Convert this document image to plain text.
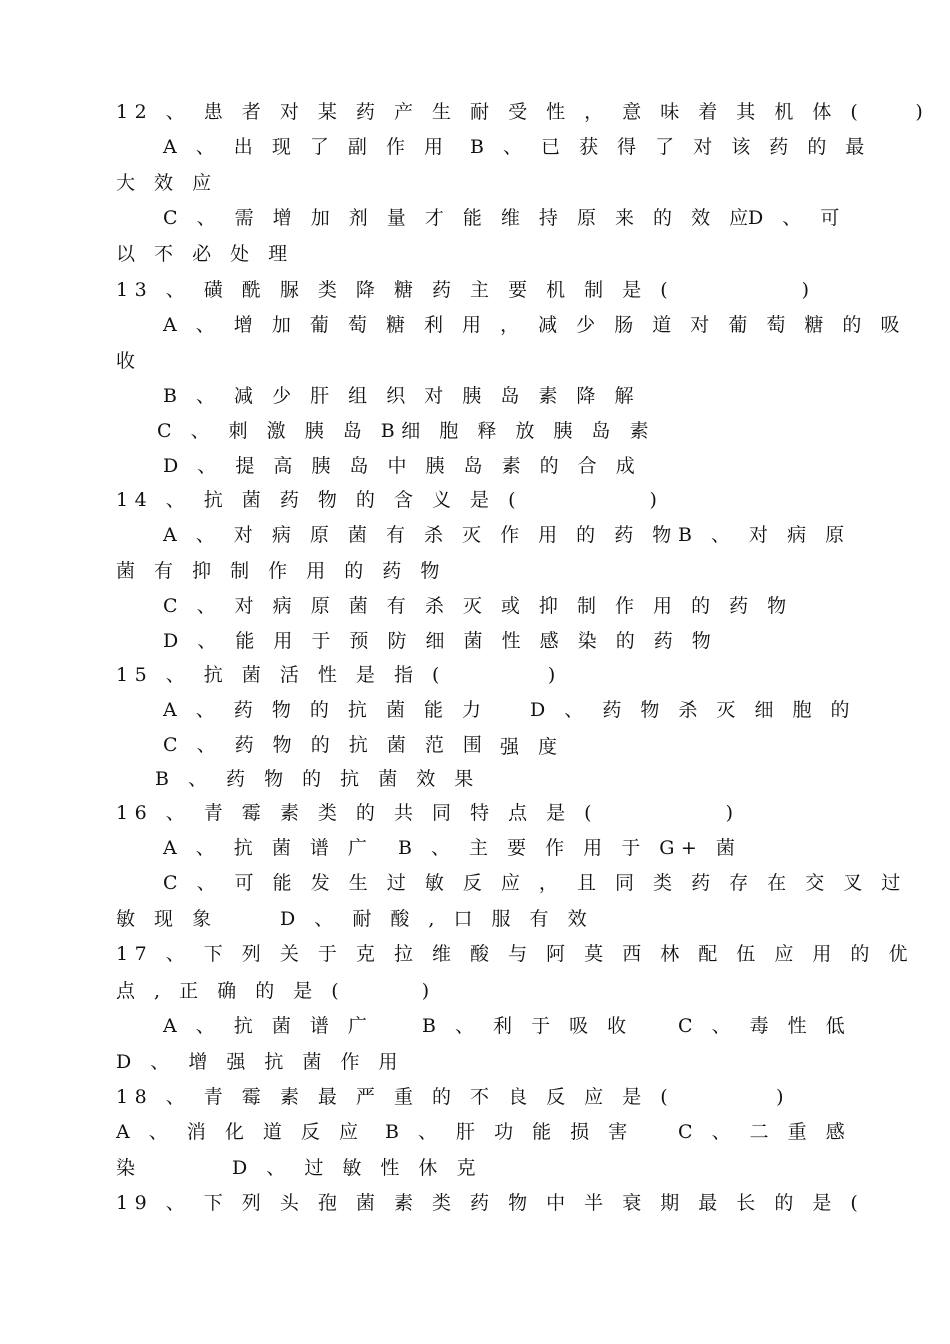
12 、 患 者 对 某 药 产 生 耐 受 性 ， 意 味 着 其 机 体 (　　)
A 、 出 现 了 副 作 用 B 、 已 获 得 了 对 该 药 的 最
大 效 应
C 、 需 增 加 剂 量 才 能 维 持 原 来 的 效 应
D 、 可
以 不 必 处 理
13 、 磺 酰 脲 类 降 糖 药 主 要 机 制 是 (　　　　　)
A 、 增 加 葡 萄 糖 利 用 ， 减 少 肠 道 对 葡 萄 糖 的 吸
收
B 、 减 少 肝 组 织 对 胰 岛 素 降 解
C 、 刺 激 胰 岛 B细 胞 释 放 胰 岛 素
D 、 提 高 胰 岛 中 胰 岛 素 的 合 成
14 、 抗 菌 药 物 的 含 义 是 (　　　　　)
A 、 对 病 原 菌 有 杀 灭 作 用 的 药 物 B 、 对 病 原
菌 有 抑 制 作 用 的 药 物
C 、 对 病 原 菌 有 杀 灭 或 抑 制 作 用 的 药 物
D 、 能 用 于 预 防 细 菌 性 感 染 的 药 物
15 、 抗 菌 活 性 是 指 (　　　　)
A 、 药 物 的 抗 菌 能 力 D 、 药 物 杀 灭 细 胞 的
C 、 药 物 的 抗 菌 范 围 强 度
B 、 药 物 的 抗 菌 效 果
16 、 青 霉 素 类 的 共 同 特 点 是 (　　　　　)
A 、 抗 菌 谱 广 B 、 主 要 作 用 于 G+ 菌
C 、 可 能 发 生 过 敏 反 应 ， 且 同 类 药 存 在 交 叉 过
敏 现 象	D 、 耐 酸 , 口 服 有 效
17 、 下 列 关 于 克 拉 维 酸 与 阿 莫 西 林 配 伍 应 用 的 优
点 , 正 确 的 是 (　　　)
A 、 抗 菌 谱 广	B 、 利 于 吸 收 C 、 毒 性 低
D 、 增 强 抗 菌 作 用
18 、 青 霉 素 最 严 重 的 不 良 反 应 是 (　　　　)
A 、 消 化 道 反 应 B 、 肝 功 能 损 害 C 、 二 重 感
染	D 、 过 敏 性 休 克
19 、 下 列 头 孢 菌 素 类 药 物 中 半 衰 期 最 长 的 是 (
